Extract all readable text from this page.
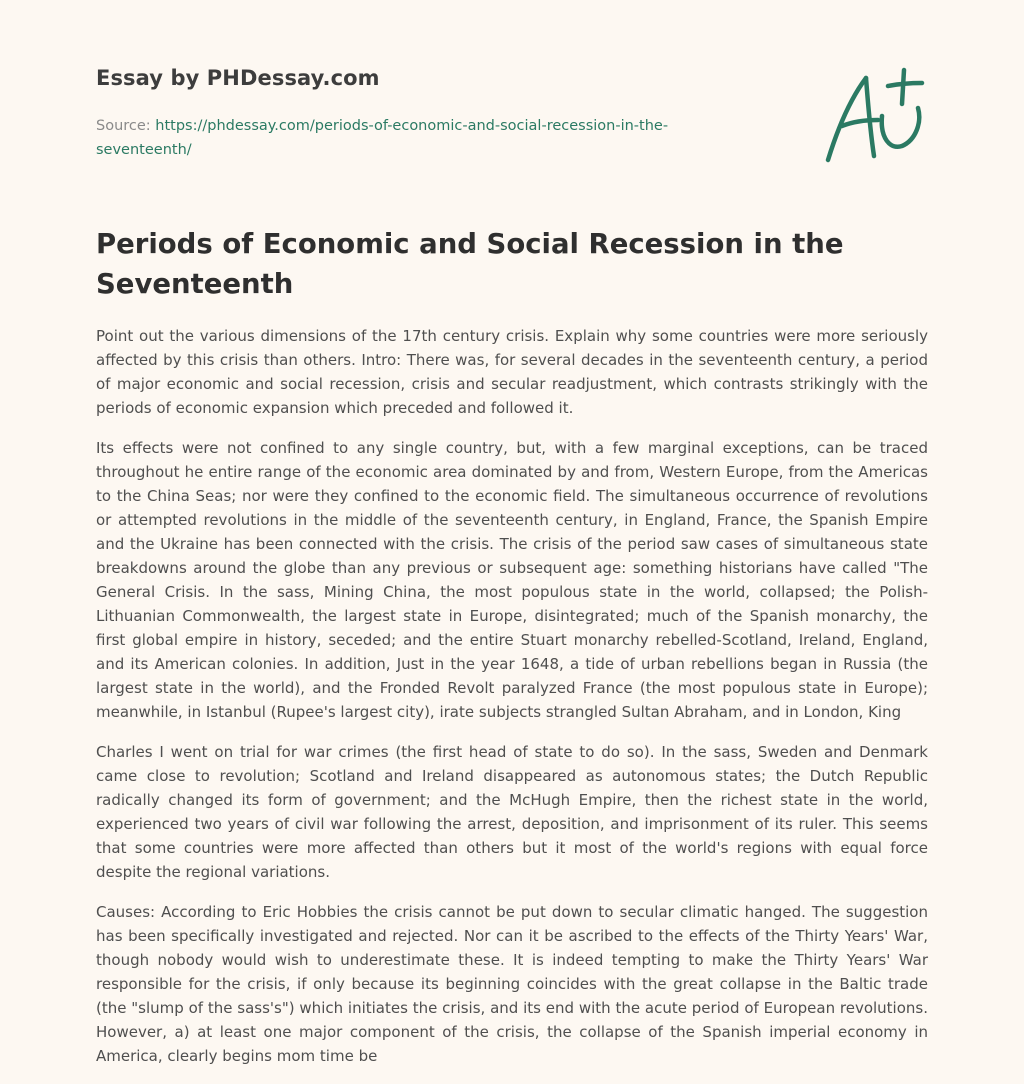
Essay by PHDessay.com
Source: https://phdessay.com/periods-of-economic-and-social-recession-in-the-seventeenth/
Periods of Economic and Social Recession in the Seventeenth

Point out the various dimensions of the 17th century crisis. Explain why some countries were more seriously affected by this crisis than others. Intro: There was, for several decades in the seventeenth century, a period of major economic and social recession, crisis and secular readjustment, which contrasts strikingly with the periods of economic expansion which preceded and followed it.

Its effects were not confined to any single country, but, with a few marginal exceptions, can be traced throughout he entire range of the economic area dominated by and from, Western Europe, from the Americas to the China Seas; nor were they confined to the economic field. The simultaneous occurrence of revolutions or attempted revolutions in the middle of the seventeenth century, in England, France, the Spanish Empire and the Ukraine has been connected with the crisis. The crisis of the period saw cases of simultaneous state breakdowns around the globe than any previous or subsequent age: something historians have called "The General Crisis. In the sass, Mining China, the most populous state in the world, collapsed; the Polish-Lithuanian Commonwealth, the largest state in Europe, disintegrated; much of the Spanish monarchy, the first global empire in history, seceded; and the entire Stuart monarchy rebelled-Scotland, Ireland, England, and its American colonies. In addition, Just in the year 1648, a tide of urban rebellions began in Russia (the largest state in the world), and the Fronded Revolt paralyzed France (the most populous state in Europe); meanwhile, in Istanbul (Rupee's largest city), irate subjects strangled Sultan Abraham, and in London, King

Charles I went on trial for war crimes (the first head of state to do so). In the sass, Sweden and Denmark came close to revolution; Scotland and Ireland disappeared as autonomous states; the Dutch Republic radically changed its form of government; and the McHugh Empire, then the richest state in the world, experienced two years of civil war following the arrest, deposition, and imprisonment of its ruler. This seems that some countries were more affected than others but it most of the world's regions with equal force despite the regional variations.

Causes: According to Eric Hobbies the crisis cannot be put down to secular climatic hanged. The suggestion has been specifically investigated and rejected. Nor can it be ascribed to the effects of the Thirty Years' War, though nobody would wish to underestimate these. It is indeed tempting to make the Thirty Years' War responsible for the crisis, if only because its beginning coincides with the great collapse in the Baltic trade (the "slump of the sass's") which initiates the crisis, and its end with the acute period of European revolutions. However, a) at least one major component of the crisis, the collapse of the Spanish imperial economy in America, clearly begins mom time be
